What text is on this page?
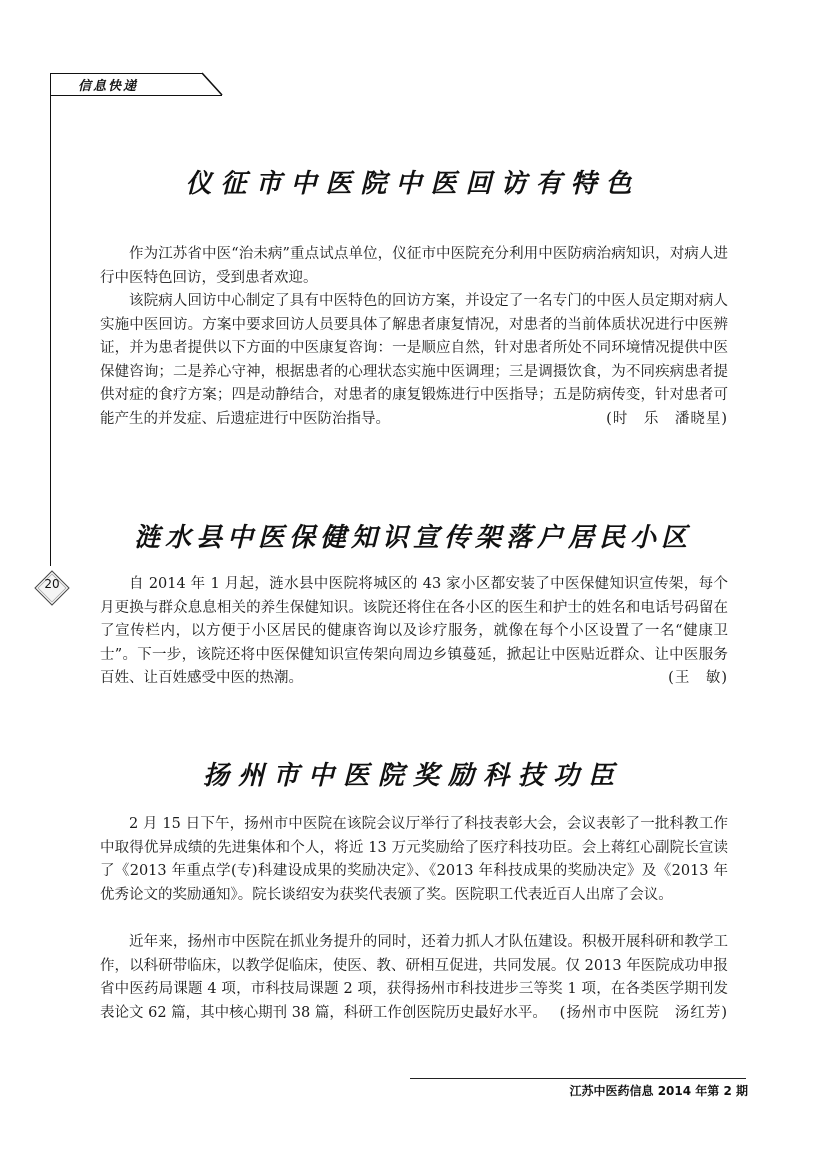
信息快递
20
仪征市中医院中医回访有特色

作为江苏省中医“治未病”重点试点单位，仪征市中医院充分利用中医防病治病知识，对病人进行中医特色回访，受到患者欢迎。

该院病人回访中心制定了具有中医特色的回访方案，并设定了一名专门的中医人员定期对病人实施中医回访。方案中要求回访人员要具体了解患者康复情况，对患者的当前体质状况进行中医辨证，并为患者提供以下方面的中医康复咨询：一是顺应自然，针对患者所处不同环境情况提供中医保健咨询；二是养心守神，根据患者的心理状态实施中医调理；三是调摄饮食，为不同疾病患者提供对症的食疗方案；四是动静结合，对患者的康复锻炼进行中医指导；五是防病传变，针对患者可能产生的并发症、后遗症进行中医防治指导。	(时　乐　潘晓星)

涟水县中医保健知识宣传架落户居民小区

自 2014 年 1 月起，涟水县中医院将城区的 43 家小区都安装了中医保健知识宣传架，每个月更换与群众息息相关的养生保健知识。该院还将住在各小区的医生和护士的姓名和电话号码留在了宣传栏内，以方便于小区居民的健康咨询以及诊疗服务，就像在每个小区设置了一名“健康卫士”。下一步，该院还将中医保健知识宣传架向周边乡镇蔓延，掀起让中医贴近群众、让中医服务百姓、让百姓感受中医的热潮。	(王　敏)

扬州市中医院奖励科技功臣

2 月 15 日下午，扬州市中医院在该院会议厅举行了科技表彰大会，会议表彰了一批科教工作中取得优异成绩的先进集体和个人，将近 13 万元奖励给了医疗科技功臣。会上蒋红心副院长宣读了《2013 年重点学(专)科建设成果的奖励决定》、《2013 年科技成果的奖励决定》及《2013 年优秀论文的奖励通知》。院长谈绍安为获奖代表颁了奖。医院职工代表近百人出席了会议。

近年来，扬州市中医院在抓业务提升的同时，还着力抓人才队伍建设。积极开展科研和教学工作，以科研带临床，以教学促临床，使医、教、研相互促进，共同发展。仅 2013 年医院成功申报省中医药局课题 4 项，市科技局课题 2 项，获得扬州市科技进步三等奖 1 项，在各类医学期刊发表论文 62 篇，其中核心期刊 38 篇，科研工作创医院历史最好水平。 (扬州市中医院　汤红芳)

江苏中医药信息 2014 年第 2 期
